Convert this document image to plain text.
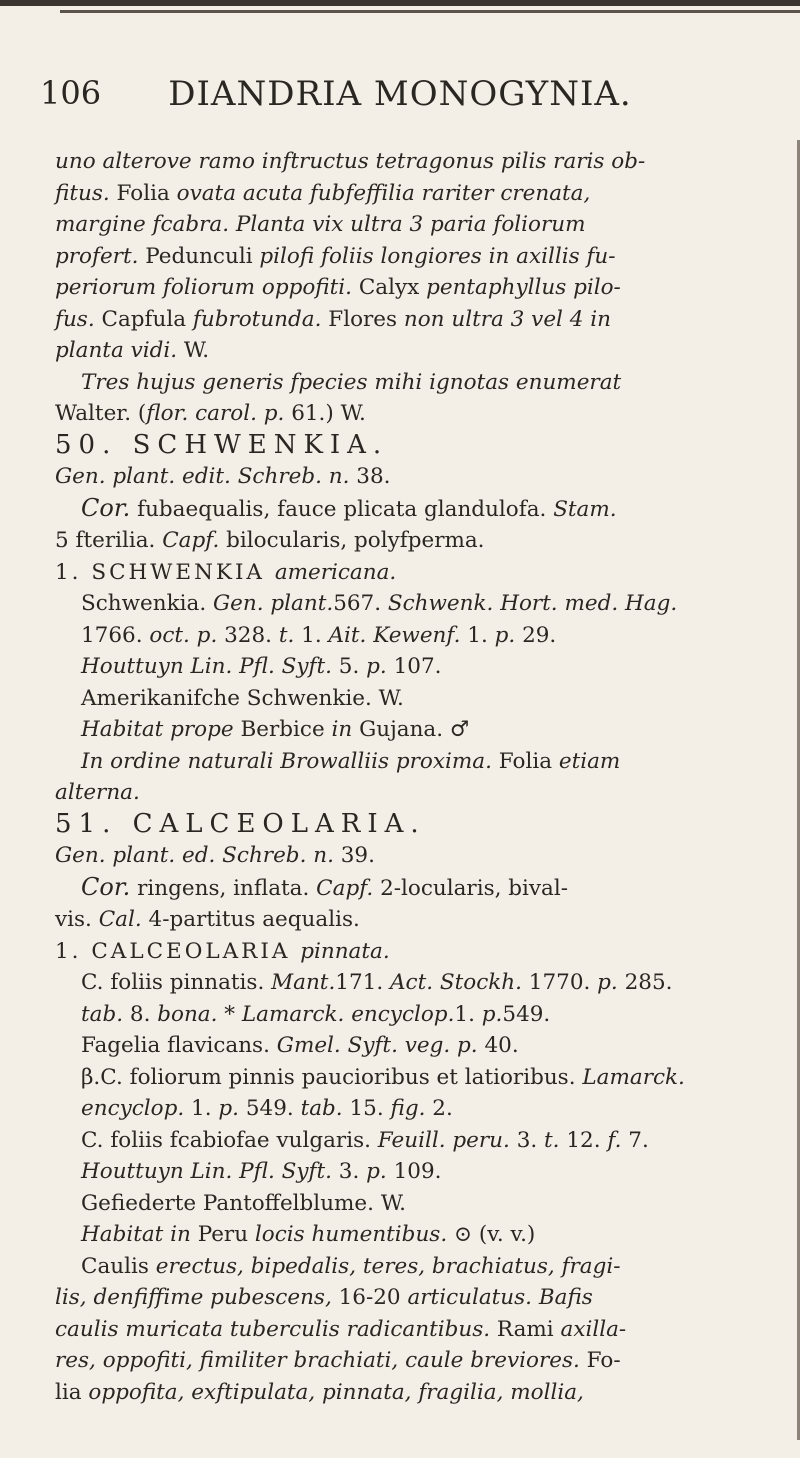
106	DIANDRIA MONOGYNIA.

uno alterove ramo inftructus tetragonus pilis raris ob-

fitus. Folia ovata acuta fubfeffilia rariter crenata,

margine fcabra. Planta vix ultra 3 paria foliorum

profert. Pedunculi pilofi foliis longiores in axillis fu-

periorum foliorum oppofiti. Calyx pentaphyllus pilo-

fus. Capfula fubrotunda. Flores non ultra 3 vel 4 in

planta vidi. W.

Tres hujus generis fpecies mihi ignotas enumerat

Walter. (flor. carol. p. 61.) W.

50. SCHWENKIA.

Gen. plant. edit. Schreb. n. 38.

Cor. fubaequalis, fauce plicata glandulofa. Stam.

5 fterilia. Capf. bilocularis, polyfperma.

1. SCHWENKIA americana.

Schwenkia. Gen. plant.567. Schwenk. Hort. med. Hag.

1766. oct. p. 328. t. 1. Ait. Kewenf. 1. p. 29.

Houttuyn Lin. Pfl. Syft. 5. p. 107.

Amerikanifche Schwenkie. W.

Habitat prope Berbice in Gujana. ♂

In ordine naturali Browalliis proxima. Folia etiam

alterna.

51. CALCEOLARIA.

Gen. plant. ed. Schreb. n. 39.

Cor. ringens, inflata. Capf. 2-locularis, bival-

vis. Cal. 4-partitus aequalis.

1. CALCEOLARIA pinnata.

C. foliis pinnatis. Mant.171. Act. Stockh. 1770. p. 285.

tab. 8. bona. * Lamarck. encyclop.1. p.549.

Fagelia flavicans. Gmel. Syft. veg. p. 40.

β.C. foliorum pinnis paucioribus et latioribus. Lamarck.

encyclop. 1. p. 549. tab. 15. fig. 2.

C. foliis fcabiofae vulgaris. Feuill. peru. 3. t. 12. f. 7.

Houttuyn Lin. Pfl. Syft. 3. p. 109.

Gefiederte Pantoffelblume. W.

Habitat in Peru locis humentibus. ⊙ (v. v.)

Caulis erectus, bipedalis, teres, brachiatus, fragi-

lis, denfiffime pubescens, 16-20 articulatus. Bafis

caulis muricata tuberculis radicantibus. Rami axilla-

res, oppofiti, fimiliter brachiati, caule breviores. Fo-

lia oppofita, exftipulata, pinnata, fragilia, mollia,
